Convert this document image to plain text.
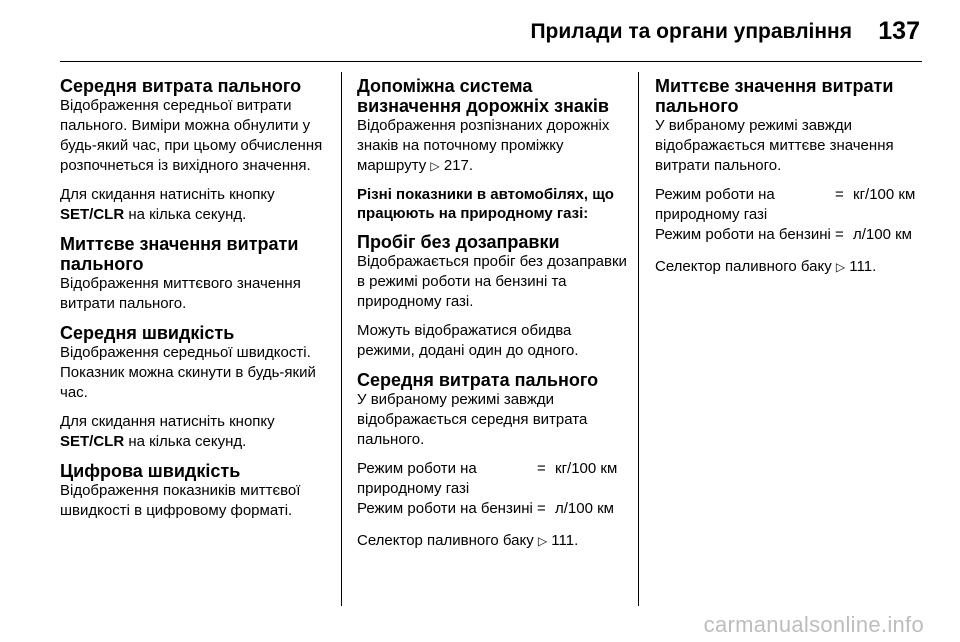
Прилади та органи управління 137
Середня витрата пального

Відображення середньої витрати пального. Виміри можна обнулити у будь-який час, при цьому обчислення розпочнеться із вихідного значення.

Для скидання натисніть кнопку SET/CLR на кілька секунд.

Миттєве значення витрати пального

Відображення миттєвого значення витрати пального.

Середня швидкість

Відображення середньої швидкості. Показник можна скинути в будь-який час.

Для скидання натисніть кнопку SET/CLR на кілька секунд.

Цифрова швидкість

Відображення показників миттєвої швидкості в цифровому форматі.

Допоміжна система визначення дорожніх знаків

Відображення розпізнаних дорожніх знаків на поточному проміжку маршруту  ▷ 217.

Різні показники в автомобілях, що працюють на природному газі:
Пробіг без дозаправки

Відображається пробіг без дозаправки в режимі роботи на бензині та природному газі.

Можуть відображатися обидва режими, додані один до одного.

Середня витрата пального

У вибраному режимі завжди відображається середня витрата пального.

Режим роботи на природному газі
= кг/100 км
Режим роботи на бензині = л/100 км

Селектор паливного баку  ▷ 111.

Миттєве значення витрати пального

У вибраному режимі завжди відображається миттєве значення витрати пального.

Режим роботи на природному газі
= кг/100 км
Режим роботи на бензині = л/100 км

Селектор паливного баку  ▷ 111.

carmanualsonline.info
